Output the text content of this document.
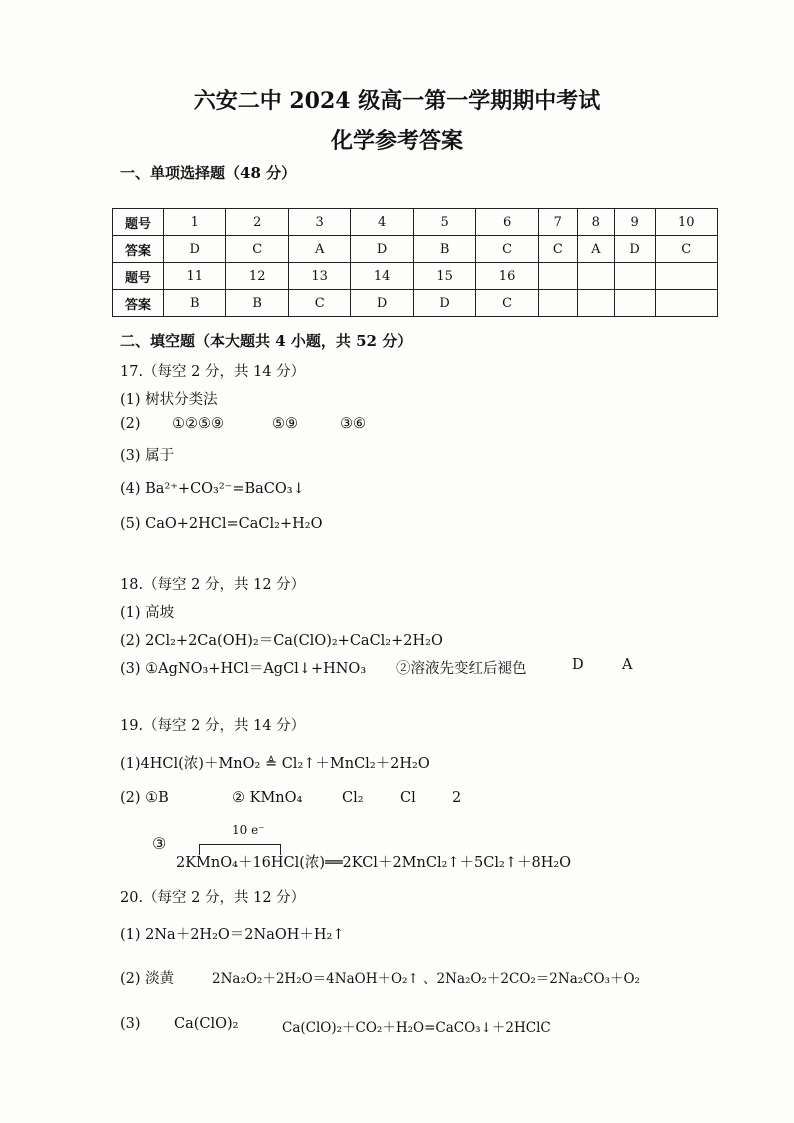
六安二中 2024 级高一第一学期期中考试
化学参考答案
一、单项选择题（48 分）
题号	1	2	3	4	5	6	7	8	9	10
答案	D	C	A	D	B	C	C	A	D	C
题号	11	12	13	14	15	16				
答案	B	B	C	D	D	C				
二、填空题（本大题共 4 小题，共 52 分）
17.（每空 2 分，共 14 分）
(1) 树状分类法
(2) ①②⑤⑨	⑤⑨	③⑥
(3) 属于
(4) Ba²⁺+CO₃²⁻=BaCO₃↓
(5) CaO+2HCl=CaCl₂+H₂O
18.（每空 2 分，共 12 分）
(1) 高坡
(2) 2Cl₂+2Ca(OH)₂＝Ca(ClO)₂+CaCl₂+2H₂O
(3) ①AgNO₃+HCl＝AgCl↓+HNO₃ ②溶液先变红后褪色	D	A
19.（每空 2 分，共 14 分）
(1)4HCl(浓)＋MnO₂ ≜ Cl₂↑＋MnCl₂＋2H₂O
(2) ①B	② KMnO₄	Cl₂	Cl	2
③
10 e⁻
2KMnO₄＋16HCl(浓)══2KCl＋2MnCl₂↑＋5Cl₂↑＋8H₂O
20.（每空 2 分，共 12 分）
(1) 2Na＋2H₂O＝2NaOH＋H₂↑
(2) 淡黄	2Na₂O₂＋2H₂O＝4NaOH＋O₂↑ 、2Na₂O₂＋2CO₂＝2Na₂CO₃＋O₂
(3) Ca(ClO)₂	Ca(ClO)₂＋CO₂＋H₂O=CaCO₃↓＋2HClC
